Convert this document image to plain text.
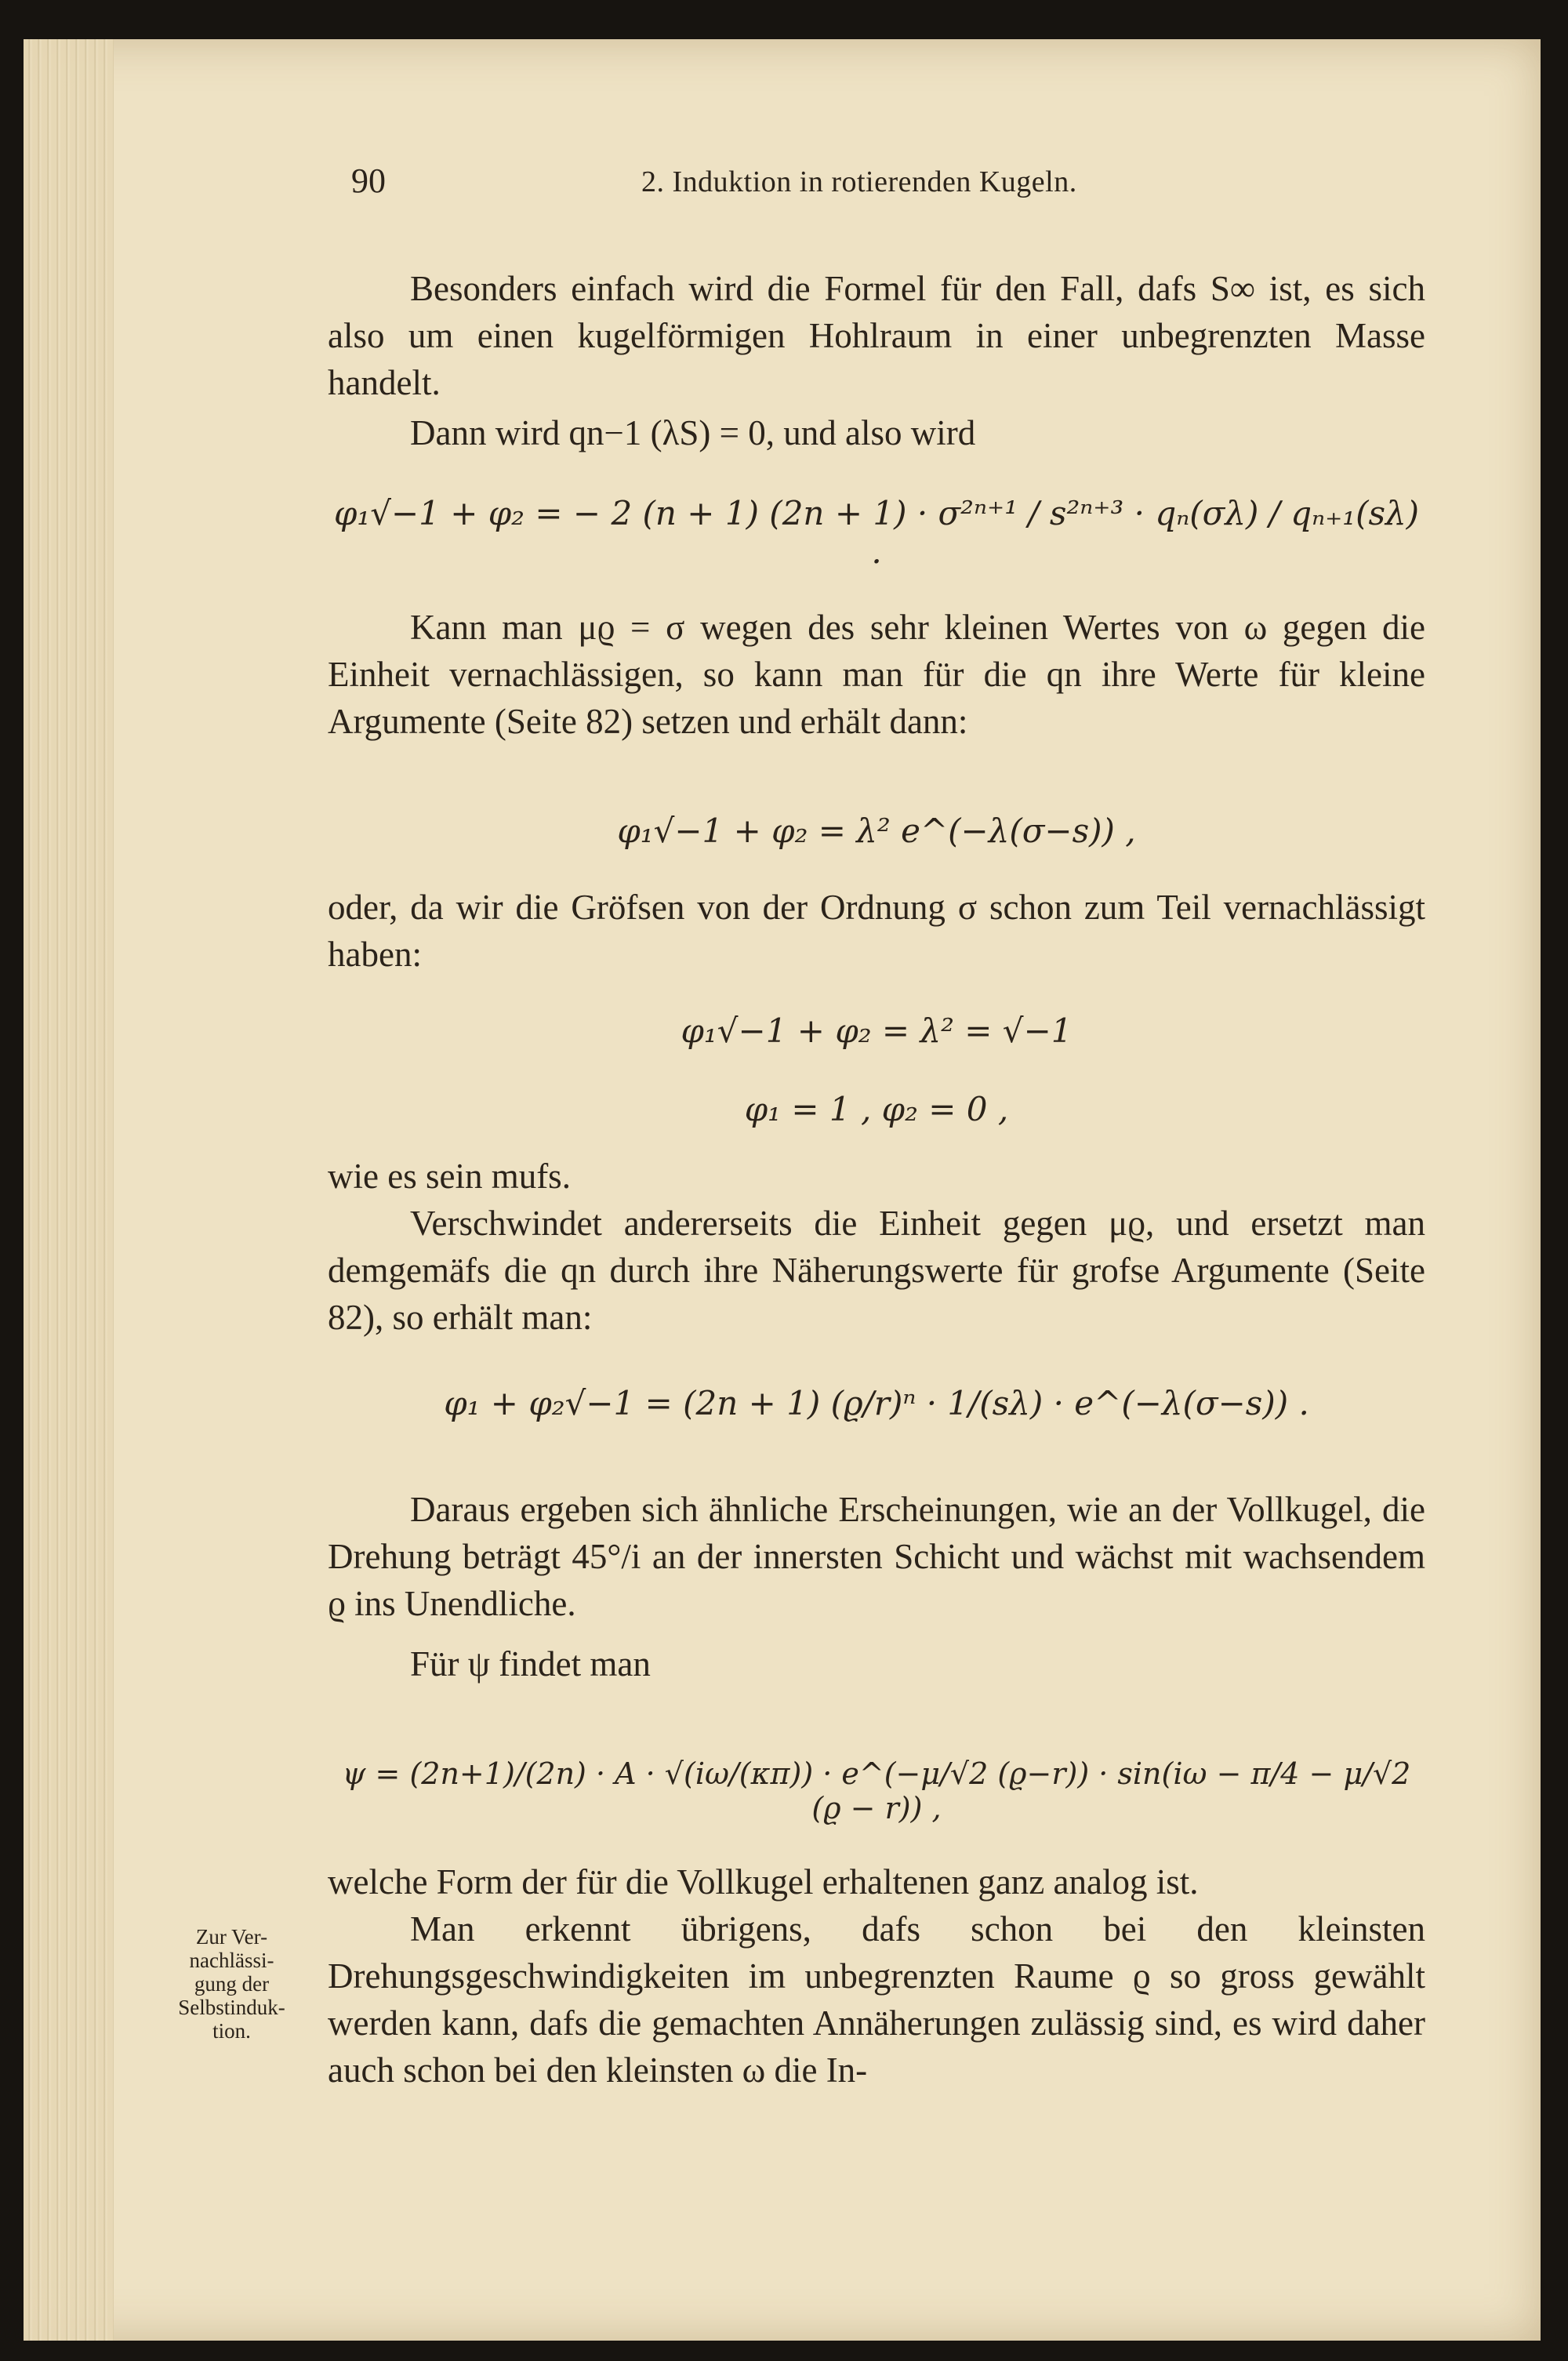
90	2. Induktion in rotierenden Kugeln.

Besonders einfach wird die Formel für den Fall, dafs S∞ ist, es sich also um einen kugelförmigen Hohlraum in einer unbegrenzten Masse handelt.

Dann wird qn−1 (λS) = 0, und also wird

φ₁√−1 + φ₂ = − 2 (n + 1) (2n + 1) · σ²ⁿ⁺¹ / s²ⁿ⁺³ · qₙ(σλ) / qₙ₊₁(sλ) .

Kann man μϱ = σ wegen des sehr kleinen Wertes von ω gegen die Einheit vernachlässigen, so kann man für die qn ihre Werte für kleine Argumente (Seite 82) setzen und erhält dann:

φ₁√−1 + φ₂ = λ² e^(−λ(σ−s)) ,

oder, da wir die Gröfsen von der Ordnung σ schon zum Teil vernachlässigt haben:

φ₁√−1 + φ₂ = λ² = √−1
φ₁ = 1 , φ₂ = 0 ,

wie es sein mufs.

Verschwindet andererseits die Einheit gegen μϱ, und ersetzt man demgemäfs die qn durch ihre Näherungswerte für grofse Argumente (Seite 82), so erhält man:

φ₁ + φ₂√−1 = (2n + 1) (ϱ/r)ⁿ · 1/(sλ) · e^(−λ(σ−s)) .

Daraus ergeben sich ähnliche Erscheinungen, wie an der Vollkugel, die Drehung beträgt 45°/i an der innersten Schicht und wächst mit wachsendem ϱ ins Unendliche.

Für ψ findet man

ψ = (2n+1)/(2n) · A · √(iω/(κπ)) · e^(−μ/√2 (ϱ−r)) · sin(iω − π/4 − μ/√2 (ϱ − r)) ,

welche Form der für die Vollkugel erhaltenen ganz analog ist.

Man erkennt übrigens, dafs schon bei den kleinsten Drehungsgeschwindigkeiten im unbegrenzten Raume ϱ so gross gewählt werden kann, dafs die gemachten Annäherungen zulässig sind, es wird daher auch schon bei den kleinsten ω die In-

Zur Ver-
nachlässi-
gung der
Selbstinduk-
tion.
